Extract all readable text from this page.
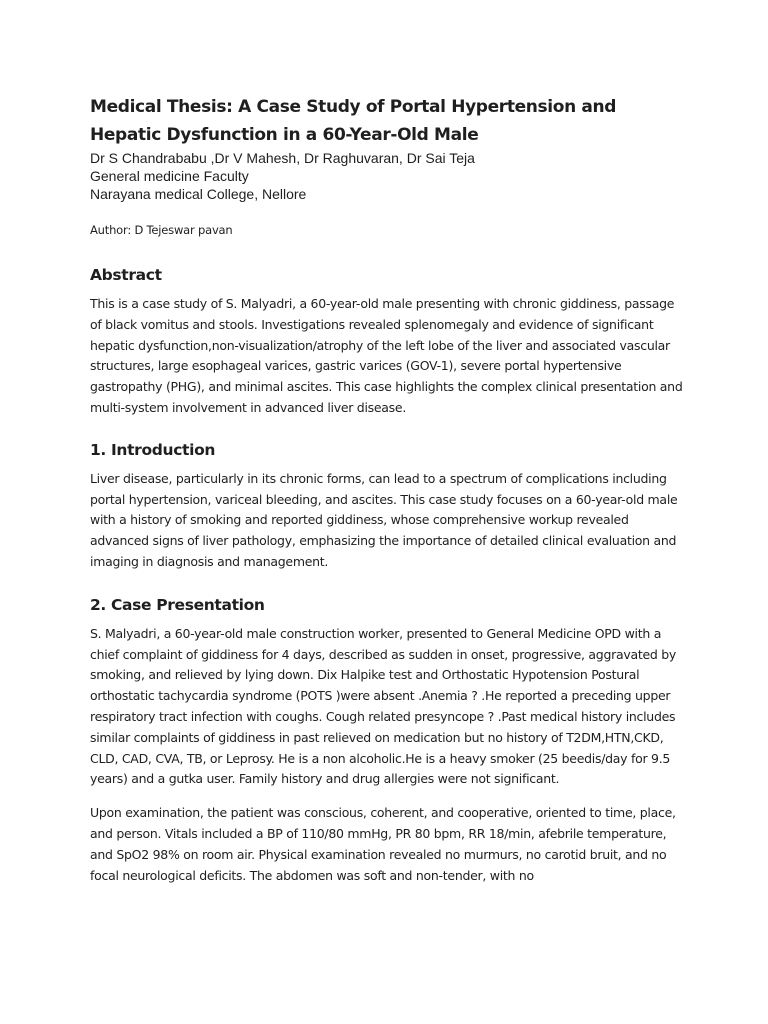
Medical Thesis: A Case Study of Portal Hypertension and
Hepatic Dysfunction in a 60-Year-Old Male
Dr S Chandrababu ,Dr V Mahesh, Dr Raghuvaran, Dr Sai Teja
General medicine Faculty
Narayana medical College, Nellore
Author: D Tejeswar pavan
Abstract

This is a case study of S. Malyadri, a 60-year-old male presenting with chronic giddiness, passage of black vomitus and stools. Investigations revealed splenomegaly and evidence of significant hepatic dysfunction,non-visualization/atrophy of the left lobe of the liver and associated vascular structures, large esophageal varices, gastric varices (GOV-1), severe portal hypertensive gastropathy (PHG), and minimal ascites. This case highlights the complex clinical presentation and multi-system involvement in advanced liver disease.

1. Introduction

Liver disease, particularly in its chronic forms, can lead to a spectrum of complications including portal hypertension, variceal bleeding, and ascites. This case study focuses on a 60-year-old male with a history of smoking and reported giddiness, whose comprehensive workup revealed advanced signs of liver pathology, emphasizing the importance of detailed clinical evaluation and imaging in diagnosis and management.

2. Case Presentation

S. Malyadri, a 60-year-old male construction worker, presented to General Medicine OPD with a chief complaint of giddiness for 4 days, described as sudden in onset, progressive, aggravated by smoking, and relieved by lying down. Dix Halpike test and Orthostatic Hypotension Postural orthostatic tachycardia syndrome (POTS )were absent .Anemia ? .He reported a preceding upper respiratory tract infection with coughs. Cough related presyncope ? .Past medical history includes similar complaints of giddiness in past relieved on medication but no history of T2DM,HTN,CKD, CLD, CAD, CVA, TB, or Leprosy. He is a non alcoholic.He is a heavy smoker (25 beedis/day for 9.5 years) and a gutka user. Family history and drug allergies were not significant.

Upon examination, the patient was conscious, coherent, and cooperative, oriented to time, place, and person. Vitals included a BP of 110/80 mmHg, PR 80 bpm, RR 18/min, afebrile temperature, and SpO2 98% on room air. Physical examination revealed no murmurs, no carotid bruit, and no focal neurological deficits. The abdomen was soft and non-tender, with no
